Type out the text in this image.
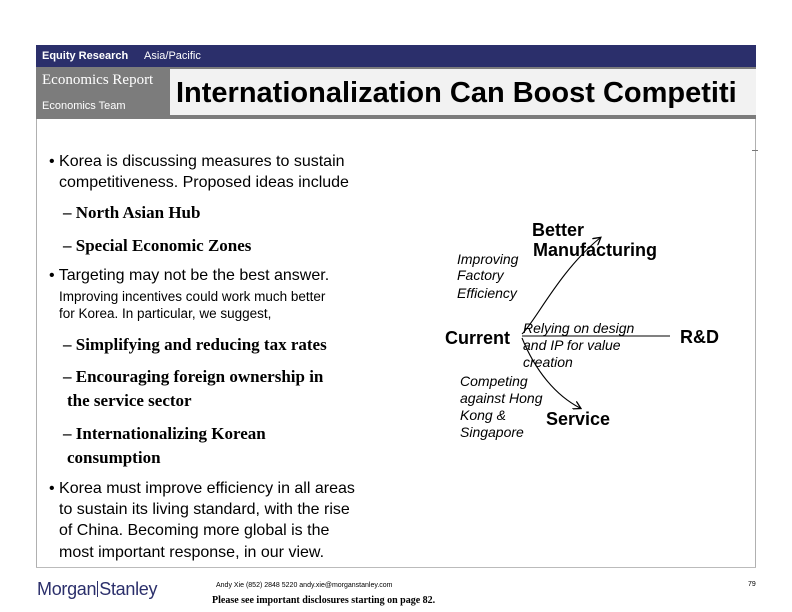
Equity Research Asia/Pacific
Economics Report
Economics Team Internationalization Can Boost Competiti
• Korea is discussing measures to sustain
competitiveness. Proposed ideas include
– North Asian Hub
– Special Economic Zones
• Targeting may not be the best answer.
Improving incentives could work much better
for Korea. In particular, we suggest,
– Simplifying and reducing tax rates
– Encouraging foreign ownership in
the service sector
– Internationalizing Korean
consumption
• Korea must improve efficiency in all areas
to sustain its living standard, with the rise
of China. Becoming more global is the
most important response, in our view.
Better
Manufacturing
Improving
Factory
Efficiency
Current Relying on design
and IP for value
creation
R&D
Competing
against Hong
Kong &
Singapore
Service
Morgan Stanley	Andy Xie (852) 2848 5220 andy.xie@morganstanley.com
Please see important disclosures starting on page 82.
79
